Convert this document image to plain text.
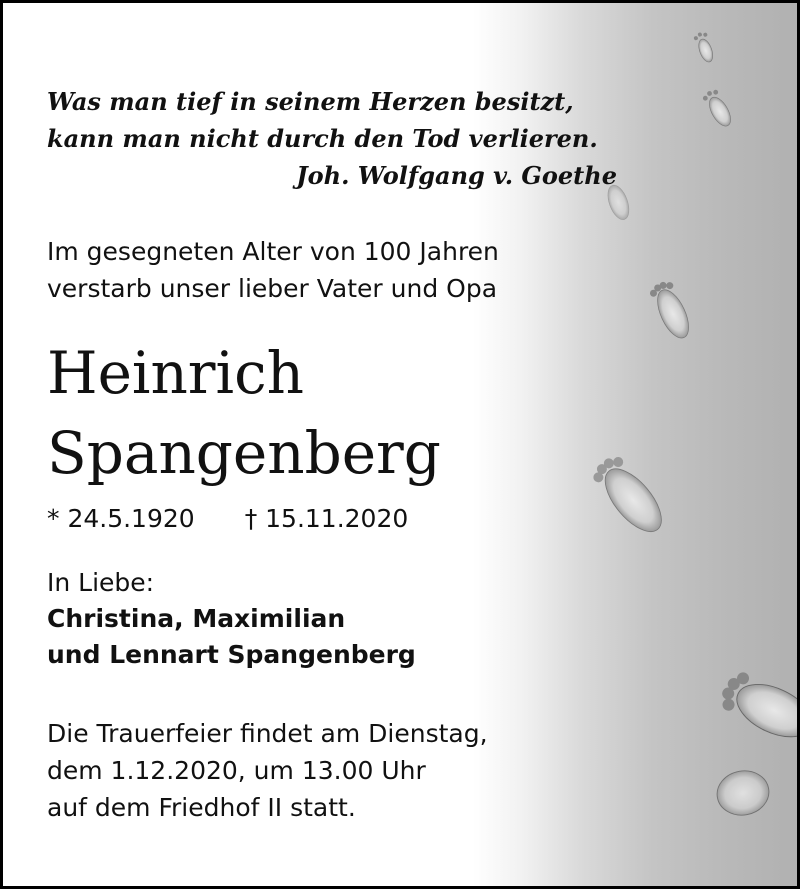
Was man tief in seinem Herzen besitzt,
kann man nicht durch den Tod verlieren.
Joh. Wolfgang v. Goethe
Im gesegneten Alter von 100 Jahren
verstarb unser lieber Vater und Opa
Heinrich
Spangenberg
* 24.5.1920 † 15.11.2020
In Liebe:
Christina, Maximilian
und Lennart Spangenberg
Die Trauerfeier findet am Dienstag,
dem 1.12.2020, um 13.00 Uhr
auf dem Friedhof II statt.
